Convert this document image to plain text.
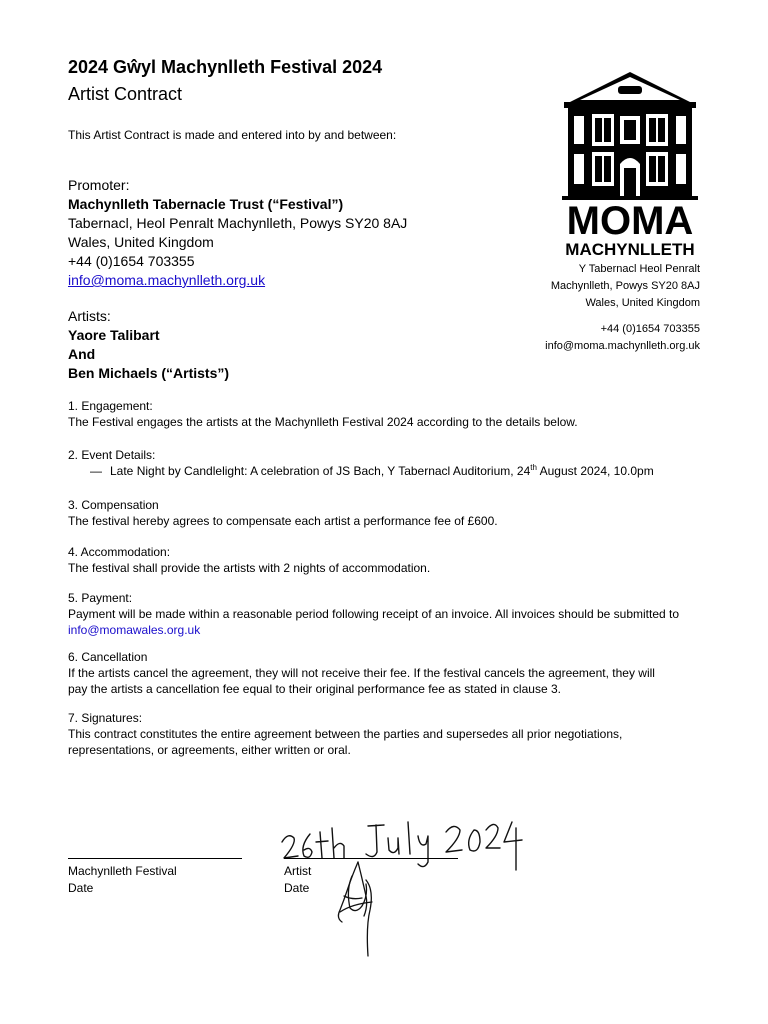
2024 Gŵyl Machynlleth Festival 2024
Artist Contract
This Artist Contract is made and entered into by and between:
Promoter:
Machynlleth Tabernacle Trust (“Festival”)
Tabernacl, Heol Penralt Machynlleth, Powys SY20 8AJ
Wales, United Kingdom
+44 (0)1654 703355
info@moma.machynlleth.org.uk
Artists:
Yaore Talibart
And
Ben Michaels (“Artists”)
MOMA
MACHYNLLETH
Y Tabernacl Heol Penralt
Machynlleth, Powys SY20 8AJ
Wales, United Kingdom
+44 (0)1654 703355
info@moma.machynlleth.org.uk
1. Engagement:
The Festival engages the artists at the Machynlleth Festival 2024 according to the details below.
2. Event Details:
— Late Night by Candlelight: A celebration of JS Bach, Y Tabernacl Auditorium, 24th August 2024, 10.0pm
3. Compensation
The festival hereby agrees to compensate each artist a performance fee of £600.
4. Accommodation:
The festival shall provide the artists with 2 nights of accommodation.
5. Payment:
Payment will be made within a reasonable period following receipt of an invoice. All invoices should be submitted to info@momawales.org.uk
6. Cancellation
If the artists cancel the agreement, they will not receive their fee. If the festival cancels the agreement, they will
pay the artists a cancellation fee equal to their original performance fee as stated in clause 3.
7. Signatures:
This contract constitutes the entire agreement between the parties and supersedes all prior negotiations,
representations, or agreements, either written or oral.
26th July 2024
Machynlleth Festival
Date
Artist
Date
